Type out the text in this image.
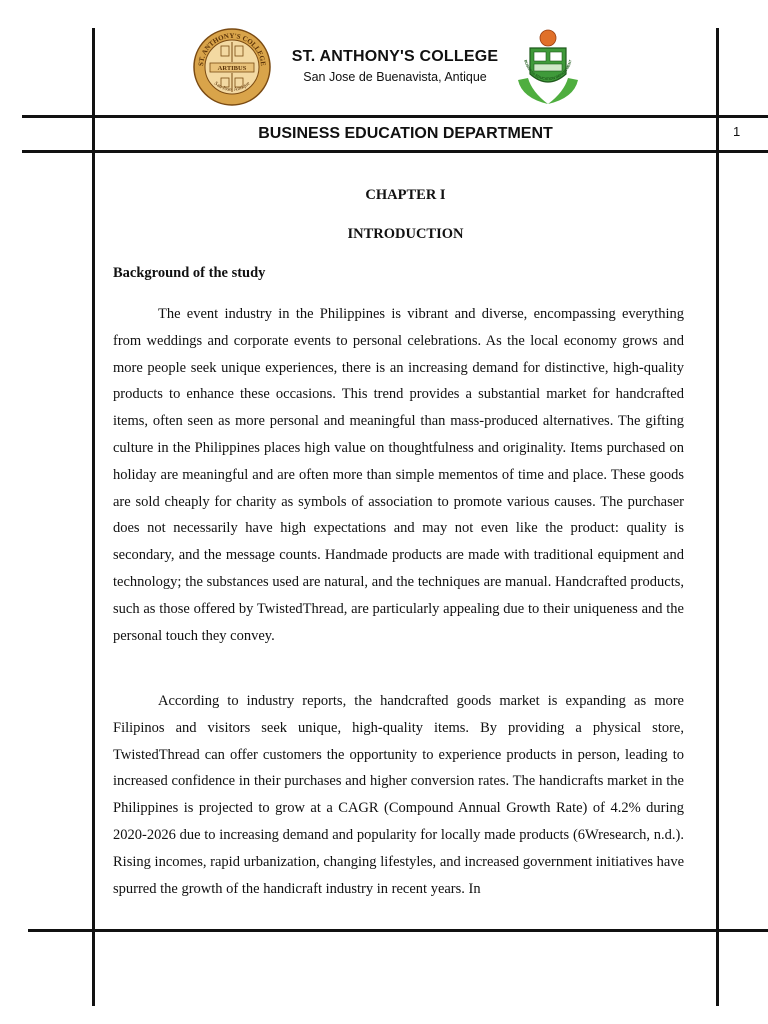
ST. ANTHONY'S COLLEGE
San Jose Antique
ARTIBUS
ST. ANTHONY'S COLLEGE
San Jose de Buenavista, Antique
BUSINESS EDUCATION DEPARTMENT
BUSINESS EDUCATION DEPARTMENT	1
CHAPTER I
INTRODUCTION
Background of the study

The event industry in the Philippines is vibrant and diverse, encompassing everything from weddings and corporate events to personal celebrations. As the local economy grows and more people seek unique experiences, there is an increasing demand for distinctive, high-quality products to enhance these occasions. This trend provides a substantial market for handcrafted items, often seen as more personal and meaningful than mass-produced alternatives. The gifting culture in the Philippines places high value on thoughtfulness and originality. Items purchased on holiday are meaningful and are often more than simple mementos of time and place. These goods are sold cheaply for charity as symbols of association to promote various causes. The purchaser does not necessarily have high expectations and may not even like the product: quality is secondary, and the message counts. Handmade products are made with traditional equipment and technology; the substances used are natural, and the techniques are manual. Handcrafted products, such as those offered by TwistedThread, are particularly appealing due to their uniqueness and the personal touch they convey.

According to industry reports, the handcrafted goods market is expanding as more Filipinos and visitors seek unique, high-quality items. By providing a physical store, TwistedThread can offer customers the opportunity to experience products in person, leading to increased confidence in their purchases and higher conversion rates. The handicrafts market in the Philippines is projected to grow at a CAGR (Compound Annual Growth Rate) of 4.2% during 2020-2026 due to increasing demand and popularity for locally made products (6Wresearch, n.d.). Rising incomes, rapid urbanization, changing lifestyles, and increased government initiatives have spurred the growth of the handicraft industry in recent years. In
